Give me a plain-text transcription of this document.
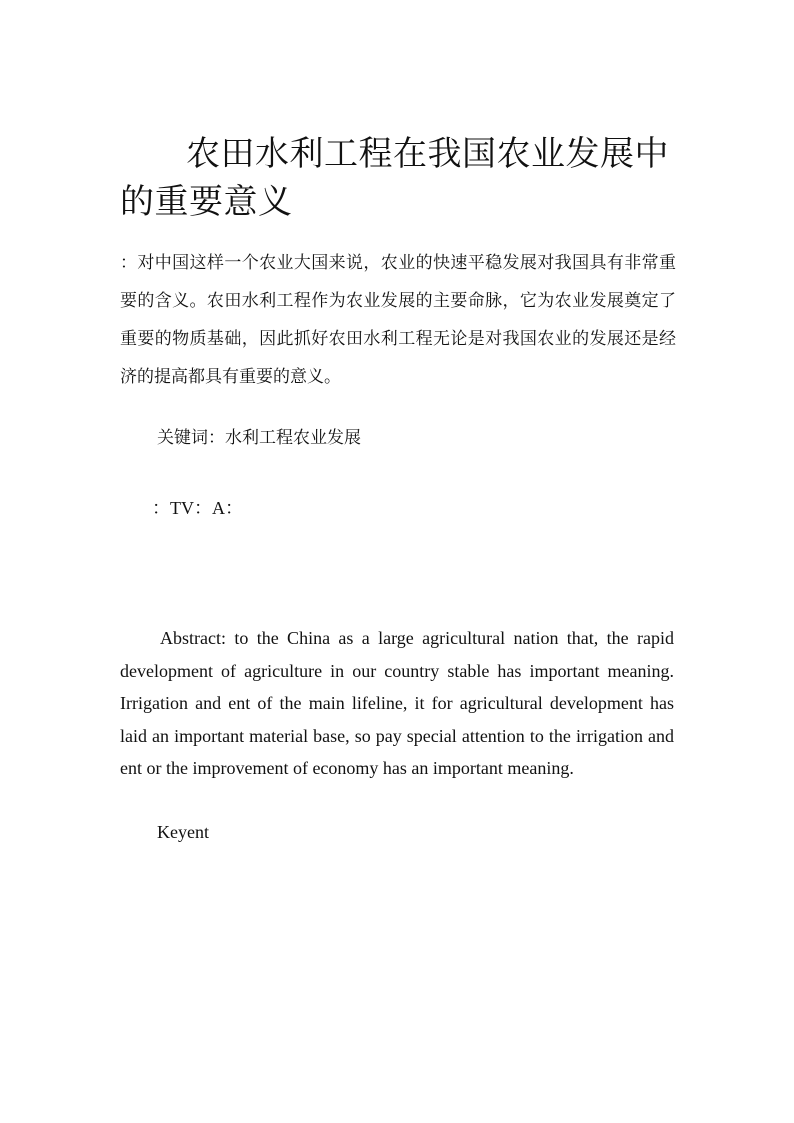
农田水利工程在我国农业发展中的重要意义

：对中国这样一个农业大国来说，农业的快速平稳发展对我国具有非常重要的含义。农田水利工程作为农业发展的主要命脉，它为农业发展奠定了重要的物质基础，因此抓好农田水利工程无论是对我国农业的发展还是经济的提高都具有重要的意义。

关键词：水利工程农业发展

：TV：A：

Abstract: to the China as a large agricultural nation that, the rapid development of agriculture in our country stable has important meaning. Irrigation and ent of the main lifeline, it for agricultural development has laid an important material base, so pay special attention to the irrigation and ent or the improvement of economy has an important meaning.

Keyent
